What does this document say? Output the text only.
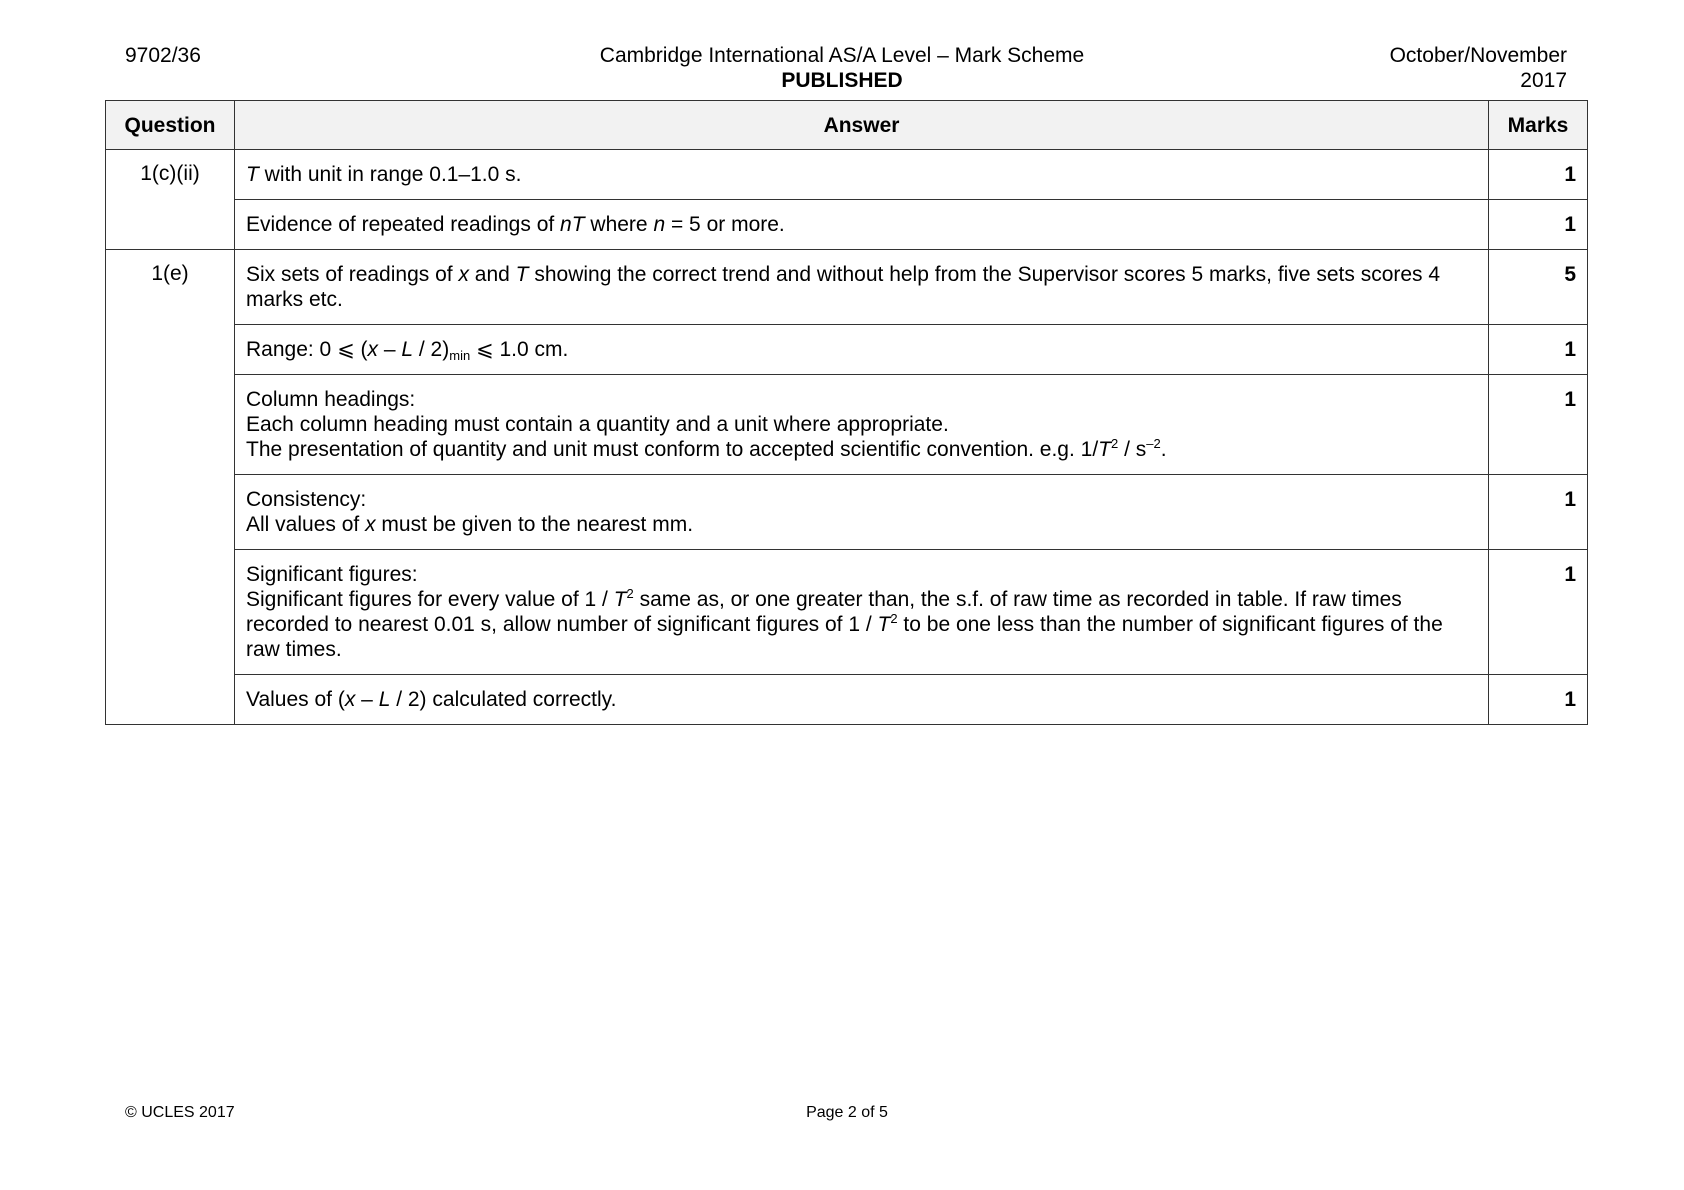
9702/36	Cambridge International AS/A Level – Mark Scheme
PUBLISHED
October/November
2017
Question	Answer	Marks
1(c)(ii)	T with unit in range 0.1–1.0 s.	1
	Evidence of repeated readings of nT where n = 5 or more.	1
1(e)	Six sets of readings of x and T showing the correct trend and without help from the Supervisor scores 5 marks, five sets scores 4 marks etc.	5
	Range: 0 ⩽ (x – L / $2)_{min}$ ⩽ 1.0 cm.	1

	Column headings:
Each column heading must contain a quantity and a unit where appropriate.
The presentation of quantity and unit must conform to accepted scientific convention. e.g. $1/T^2 / s^{-2}$.	1

	Consistency:
All values of x must be given to the nearest mm.	1

	Significant figures:
Significant figures for every value of $1 / T^2$ same as, or one greater than, the s.f. of raw time as recorded in table. If raw times recorded to nearest 0.01 s, allow number of significant figures of $1 / T^2$ to be one less than the number of significant figures of the raw times.	1
	Values of (x – L / 2) calculated correctly.	1
© UCLES 2017	Page 2 of 5
